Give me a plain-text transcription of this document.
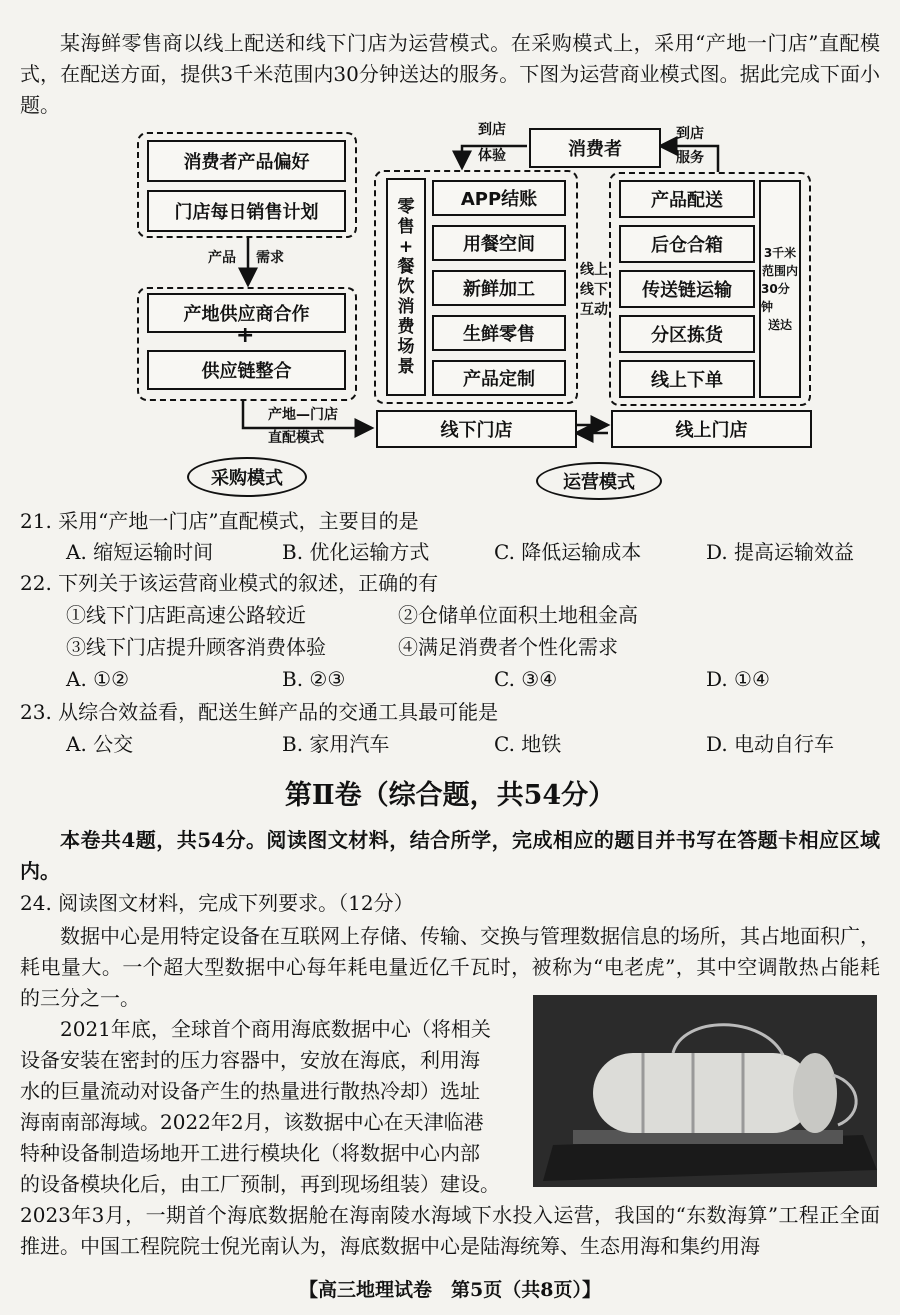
某海鲜零售商以线上配送和线下门店为运营模式。在采购模式上，采用“产地一门店”直配模式，在配送方面，提供3千米范围内30分钟送达的服务。下图为运营商业模式图。据此完成下面小题。
消费者产品偏好
门店每日销售计划
产品 需求
产地供应商合作
+
供应链整合
产地—门店
直配模式
采购模式
消费者
到店
体验
到店
服务
零
售
+
餐
饮
消
费
场
景
APP结账
用餐空间
新鲜加工
生鲜零售
产品定制
线上
线下
互动
产品配送
后仓合箱
传送链运输
分区拣货
线上下单
3千米
范围内
30分钟
送达
线下门店	线上门店
运营模式
21. 采用“产地一门店”直配模式，主要目的是
A. 缩短运输时间	B. 优化运输方式	C. 降低运输成本	D. 提高运输效益
22. 下列关于该运营商业模式的叙述，正确的有
①线下门店距高速公路较近	②仓储单位面积土地租金高
③线下门店提升顾客消费体验	④满足消费者个性化需求
A. ①②	B. ②③	C. ③④	D. ①④
23. 从综合效益看，配送生鲜产品的交通工具最可能是
A. 公交	B. 家用汽车	C. 地铁	D. 电动自行车
第Ⅱ卷（综合题，共54分）
本卷共4题，共54分。阅读图文材料，结合所学，完成相应的题目并书写在答题卡相应区域内。
24. 阅读图文材料，完成下列要求。（12分）
数据中心是用特定设备在互联网上存储、传输、交换与管理数据信息的场所，其占地面积广，耗电量大。一个超大型数据中心每年耗电量近亿千瓦时，被称为“电老虎”，其中空调散热占能耗的三分之一。
2021年底，全球首个商用海底数据中心（将相关
设备安装在密封的压力容器中，安放在海底，利用海
水的巨量流动对设备产生的热量进行散热冷却）选址
海南南部海域。2022年2月，该数据中心在天津临港
特种设备制造场地开工进行模块化（将数据中心内部
的设备模块化后，由工厂预制，再到现场组装）建设。
2023年3月，一期首个海底数据舱在海南陵水海域下水投入运营，我国的“东数海算”工程正全面推进。中国工程院院士倪光南认为，海底数据中心是陆海统筹、生态用海和集约用海
【高三地理试卷　第5页（共8页）】
